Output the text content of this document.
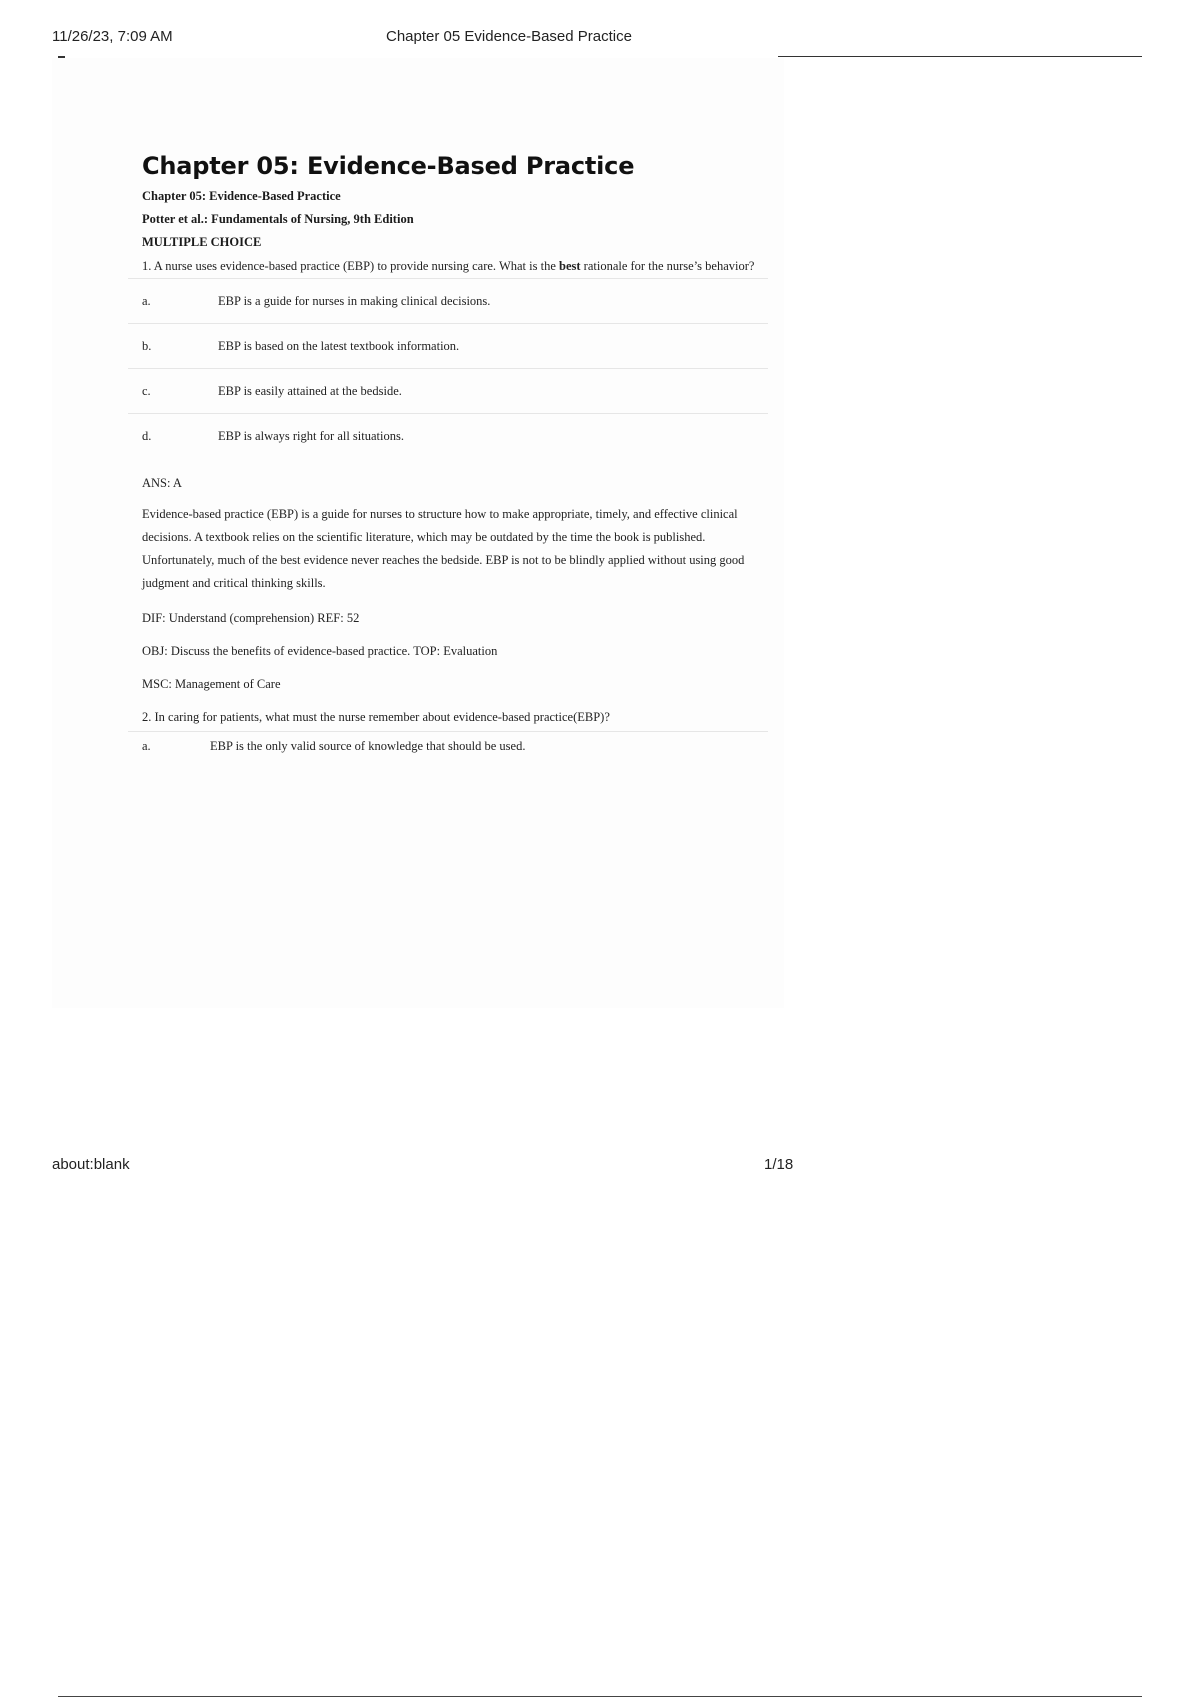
11/26/23, 7:09 AM	Chapter 05 Evidence-Based Practice
Chapter 05: Evidence-Based Practice

Chapter 05: Evidence-Based Practice

Potter et al.: Fundamentals of Nursing, 9th Edition

MULTIPLE CHOICE

1. A nurse uses evidence-based practice (EBP) to provide nursing care. What is the best rationale for the nurse’s behavior?

a.	EBP is a guide for nurses in making clinical decisions.
b.	EBP is based on the latest textbook information.
c.	EBP is easily attained at the bedside.
d.	EBP is always right for all situations.

ANS: A

Evidence-based practice (EBP) is a guide for nurses to structure how to make appropriate, timely, and effective clinical decisions. A textbook relies on the scientific literature, which may be outdated by the time the book is published. Unfortunately, much of the best evidence never reaches the bedside. EBP is not to be blindly applied without using good judgment and critical thinking skills.

DIF: Understand (comprehension) REF: 52

OBJ: Discuss the benefits of evidence-based practice. TOP: Evaluation

MSC: Management of Care

2. In caring for patients, what must the nurse remember about evidence-based practice(EBP)?

a.	EBP is the only valid source of knowledge that should be used.
about:blank	1/18
